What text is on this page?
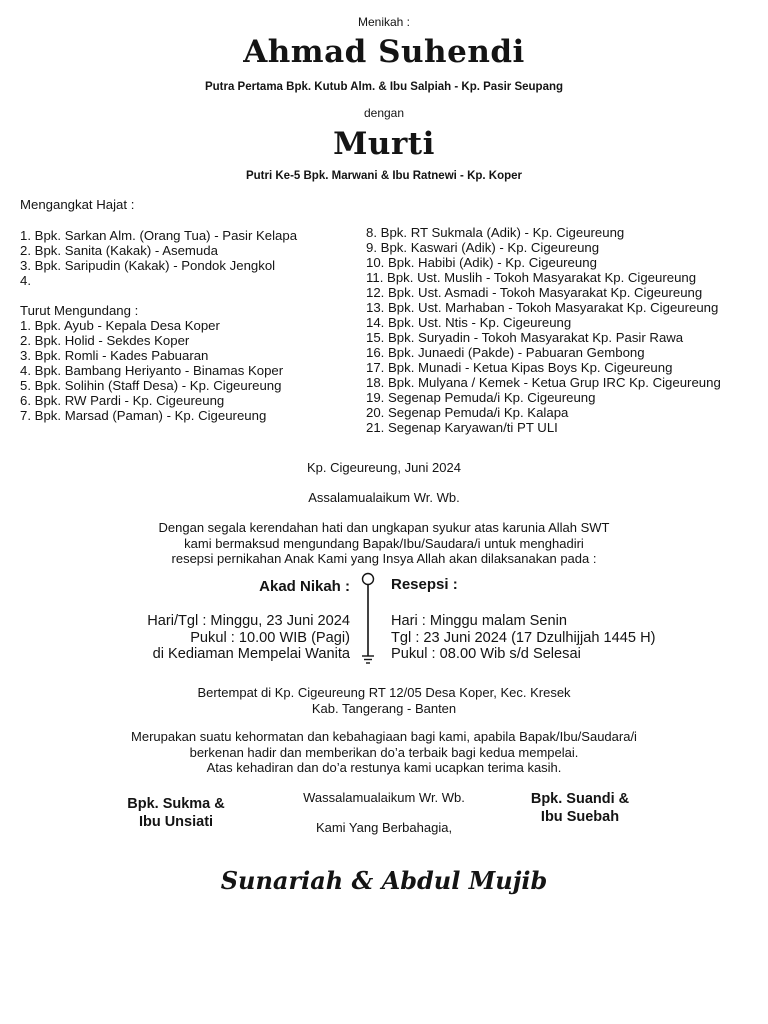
Menikah :
Ahmad Suhendi
Putra Pertama Bpk. Kutub Alm. & Ibu Salpiah - Kp. Pasir Seupang
dengan
Murti
Putri Ke-5 Bpk. Marwani & Ibu Ratnewi - Kp. Koper
Mengangkat Hajat :
1. Bpk. Sarkan Alm. (Orang Tua) - Pasir Kelapa
2. Bpk. Sanita (Kakak) - Asemuda
3. Bpk. Saripudin (Kakak) - Pondok Jengkol
4.
Turut Mengundang :
1. Bpk. Ayub - Kepala Desa Koper
2. Bpk. Holid - Sekdes Koper
3. Bpk. Romli - Kades Pabuaran
4. Bpk. Bambang Heriyanto - Binamas Koper
5. Bpk. Solihin (Staff Desa) - Kp. Cigeureung
6. Bpk. RW Pardi - Kp. Cigeureung
7. Bpk. Marsad (Paman) - Kp. Cigeureung
8. Bpk. RT Sukmala (Adik) - Kp. Cigeureung
9. Bpk. Kaswari (Adik) - Kp. Cigeureung
10. Bpk. Habibi (Adik) - Kp. Cigeureung
11. Bpk. Ust. Muslih - Tokoh Masyarakat Kp. Cigeureung
12. Bpk. Ust. Asmadi - Tokoh Masyarakat Kp. Cigeureung
13. Bpk. Ust. Marhaban - Tokoh Masyarakat Kp. Cigeureung
14. Bpk. Ust. Ntis - Kp. Cigeureung
15. Bpk. Suryadin - Tokoh Masyarakat Kp. Pasir Rawa
16. Bpk. Junaedi (Pakde) - Pabuaran Gembong
17. Bpk. Munadi - Ketua Kipas Boys Kp. Cigeureung
18. Bpk. Mulyana / Kemek - Ketua Grup IRC Kp. Cigeureung
19. Segenap Pemuda/i Kp. Cigeureung
20. Segenap Pemuda/i Kp. Kalapa
21. Segenap Karyawan/ti PT ULI
Kp. Cigeureung, Juni 2024
Assalamualaikum Wr. Wb.
Dengan segala kerendahan hati dan ungkapan syukur atas karunia Allah SWT
kami bermaksud mengundang Bapak/Ibu/Saudara/i untuk menghadiri
resepsi pernikahan Anak Kami yang Insya Allah akan dilaksanakan pada :
Akad Nikah :
Hari/Tgl : Minggu, 23 Juni 2024
Pukul : 10.00 WIB (Pagi)
di Kediaman Mempelai Wanita
Resepsi :
Hari : Minggu malam Senin
Tgl : 23 Juni 2024 (17 Dzulhijjah 1445 H)
Pukul : 08.00 Wib s/d Selesai
Bertempat di Kp. Cigeureung RT 12/05 Desa Koper, Kec. Kresek
Kab. Tangerang - Banten
Merupakan suatu kehormatan dan kebahagiaan bagi kami, apabila Bapak/Ibu/Saudara/i
berkenan hadir dan memberikan do’a terbaik bagi kedua mempelai.
Atas kehadiran dan do’a restunya kami ucapkan terima kasih.
Wassalamualaikum Wr. Wb.
Kami Yang Berbahagia,
Bpk. Sukma &
Ibu Unsiati
Bpk. Suandi &
Ibu Suebah
Sunariah & Abdul Mujib
